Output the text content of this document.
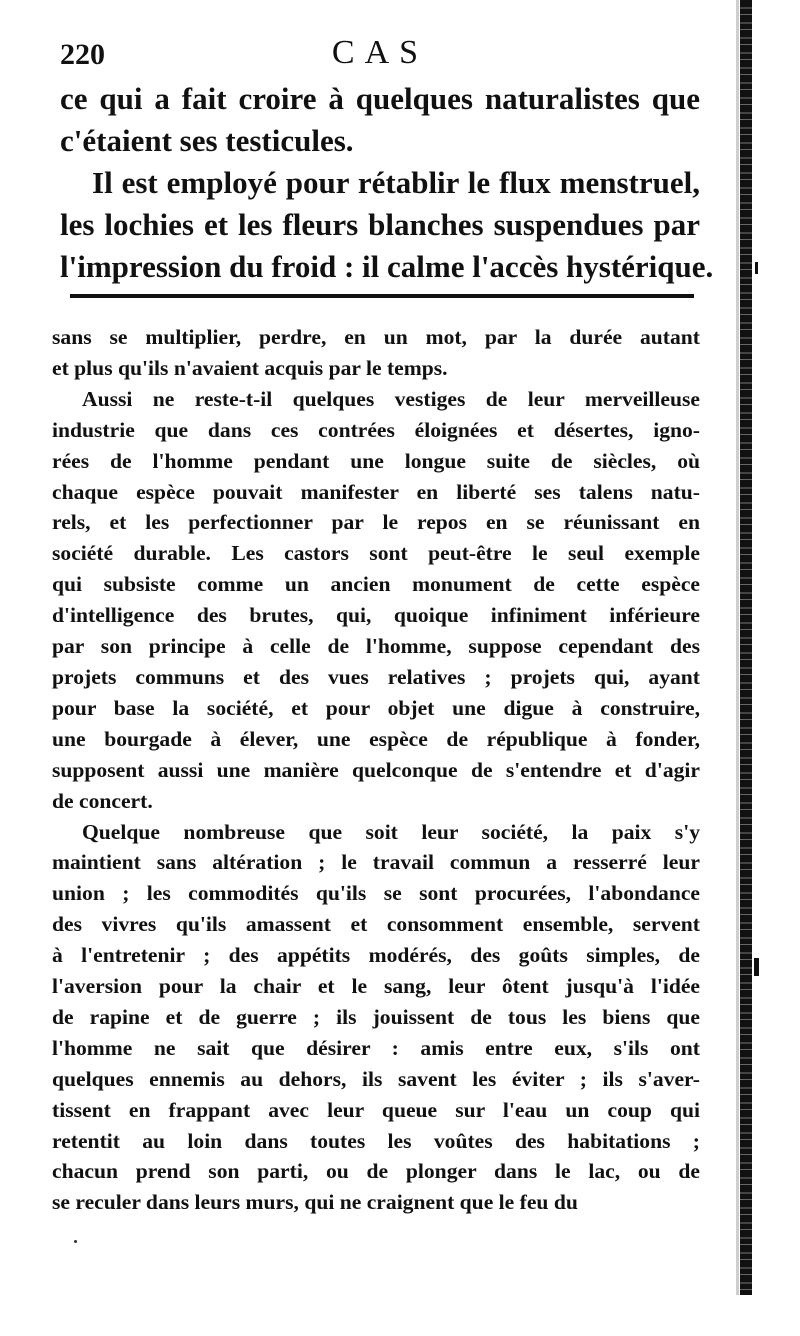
220	CAS
ce qui a fait croire à quelques naturalistes que
c'étaient ses testicules.
Il est employé pour rétablir le flux menstruel,
les lochies et les fleurs blanches suspendues par
l'impression du froid : il calme l'accès hystérique.
sans se multiplier, perdre, en un mot, par la durée autant
et plus qu'ils n'avaient acquis par le temps.
Aussi ne reste-t-il quelques vestiges de leur merveilleuse
industrie que dans ces contrées éloignées et désertes, igno-
rées de l'homme pendant une longue suite de siècles, où
chaque espèce pouvait manifester en liberté ses talens natu-
rels, et les perfectionner par le repos en se réunissant en
société durable. Les castors sont peut-être le seul exemple
qui subsiste comme un ancien monument de cette espèce
d'intelligence des brutes, qui, quoique infiniment inférieure
par son principe à celle de l'homme, suppose cependant des
projets communs et des vues relatives ; projets qui, ayant
pour base la société, et pour objet une digue à construire,
une bourgade à élever, une espèce de république à fonder,
supposent aussi une manière quelconque de s'entendre et d'agir
de concert.
Quelque nombreuse que soit leur société, la paix s'y
maintient sans altération ; le travail commun a resserré leur
union ; les commodités qu'ils se sont procurées, l'abondance
des vivres qu'ils amassent et consomment ensemble, servent
à l'entretenir ; des appétits modérés, des goûts simples, de
l'aversion pour la chair et le sang, leur ôtent jusqu'à l'idée
de rapine et de guerre ; ils jouissent de tous les biens que
l'homme ne sait que désirer : amis entre eux, s'ils ont
quelques ennemis au dehors, ils savent les éviter ; ils s'aver-
tissent en frappant avec leur queue sur l'eau un coup qui
retentit au loin dans toutes les voûtes des habitations ;
chacun prend son parti, ou de plonger dans le lac, ou de
se reculer dans leurs murs, qui ne craignent que le feu du
